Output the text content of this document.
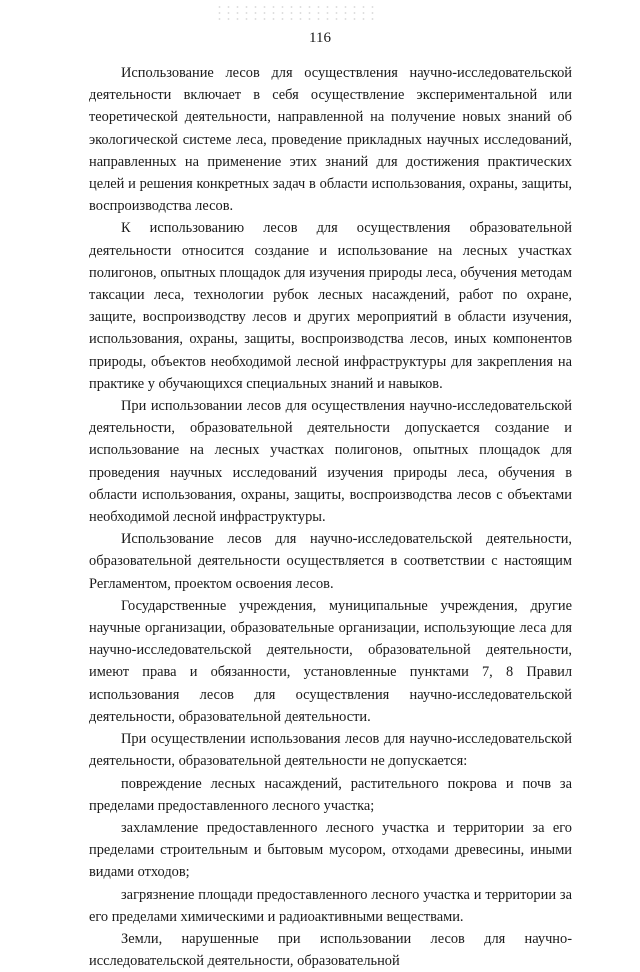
116

Использование лесов для осуществления научно-исследовательской деятельности включает в себя осуществление экспериментальной или теоретической деятельности, направленной на получение новых знаний об экологической системе леса, проведение прикладных научных исследований, направленных на применение этих знаний для достижения практических целей и решения конкретных задач в области использования, охраны, защиты, воспроизводства лесов.

К использованию лесов для осуществления образовательной деятельности относится создание и использование на лесных участках полигонов, опытных площадок для изучения природы леса, обучения методам таксации леса, технологии рубок лесных насаждений, работ по охране, защите, воспроизводству лесов и других мероприятий в области изучения, использования, охраны, защиты, воспроизводства лесов, иных компонентов природы, объектов необходимой лесной инфраструктуры для закрепления на практике у обучающихся специальных знаний и навыков.

При использовании лесов для осуществления научно-исследовательской деятельности, образовательной деятельности допускается создание и использование на лесных участках полигонов, опытных площадок для проведения научных исследований изучения природы леса, обучения в области использования, охраны, защиты, воспроизводства лесов с объектами необходимой лесной инфраструктуры.

Использование лесов для научно-исследовательской деятельности, образовательной деятельности осуществляется в соответствии с настоящим Регламентом, проектом освоения лесов.

Государственные учреждения, муниципальные учреждения, другие научные организации, образовательные организации, использующие леса для научно-исследовательской деятельности, образовательной деятельности, имеют права и обязанности, установленные пунктами 7, 8 Правил использования лесов для осуществления научно-исследовательской деятельности, образовательной деятельности.

При осуществлении использования лесов для научно-исследовательской деятельности, образовательной деятельности не допускается:

повреждение лесных насаждений, растительного покрова и почв за пределами предоставленного лесного участка;

захламление предоставленного лесного участка и территории за его пределами строительным и бытовым мусором, отходами древесины, иными видами отходов;

загрязнение площади предоставленного лесного участка и территории за его пределами химическими и радиоактивными веществами.

Земли, нарушенные при использовании лесов для научно-исследовательской деятельности, образовательной
